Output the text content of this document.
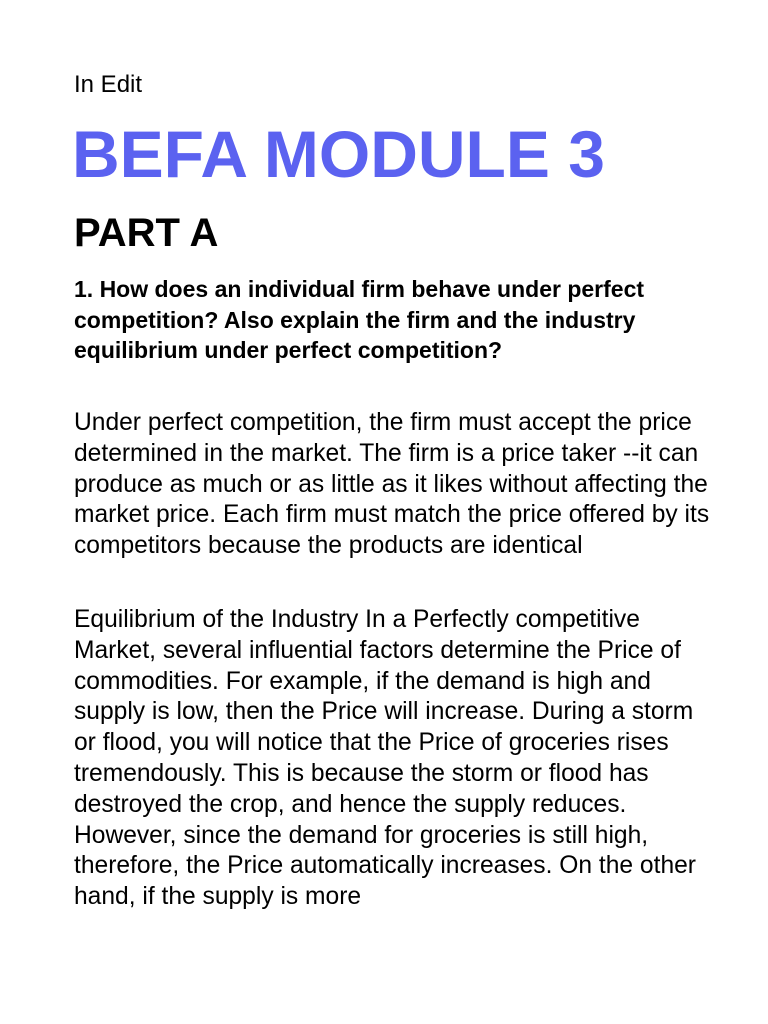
In Edit
BEFA MODULE 3
PART A

1. How does an individual firm behave under perfect competition? Also explain the firm and the industry equilibrium under perfect competition?

Under perfect competition, the firm must accept the price determined in the market. The firm is a price taker --it can produce as much or as little as it likes without affecting the market price. Each firm must match the price offered by its competitors because the products are identical

Equilibrium of the Industry In a Perfectly competitive Market, several influential factors determine the Price of commodities. For example, if the demand is high and supply is low, then the Price will increase. During a storm or flood, you will notice that the Price of groceries rises tremendously. This is because the storm or flood has destroyed the crop, and hence the supply reduces. However, since the demand for groceries is still high, therefore, the Price automatically increases. On the other hand, if the supply is more
